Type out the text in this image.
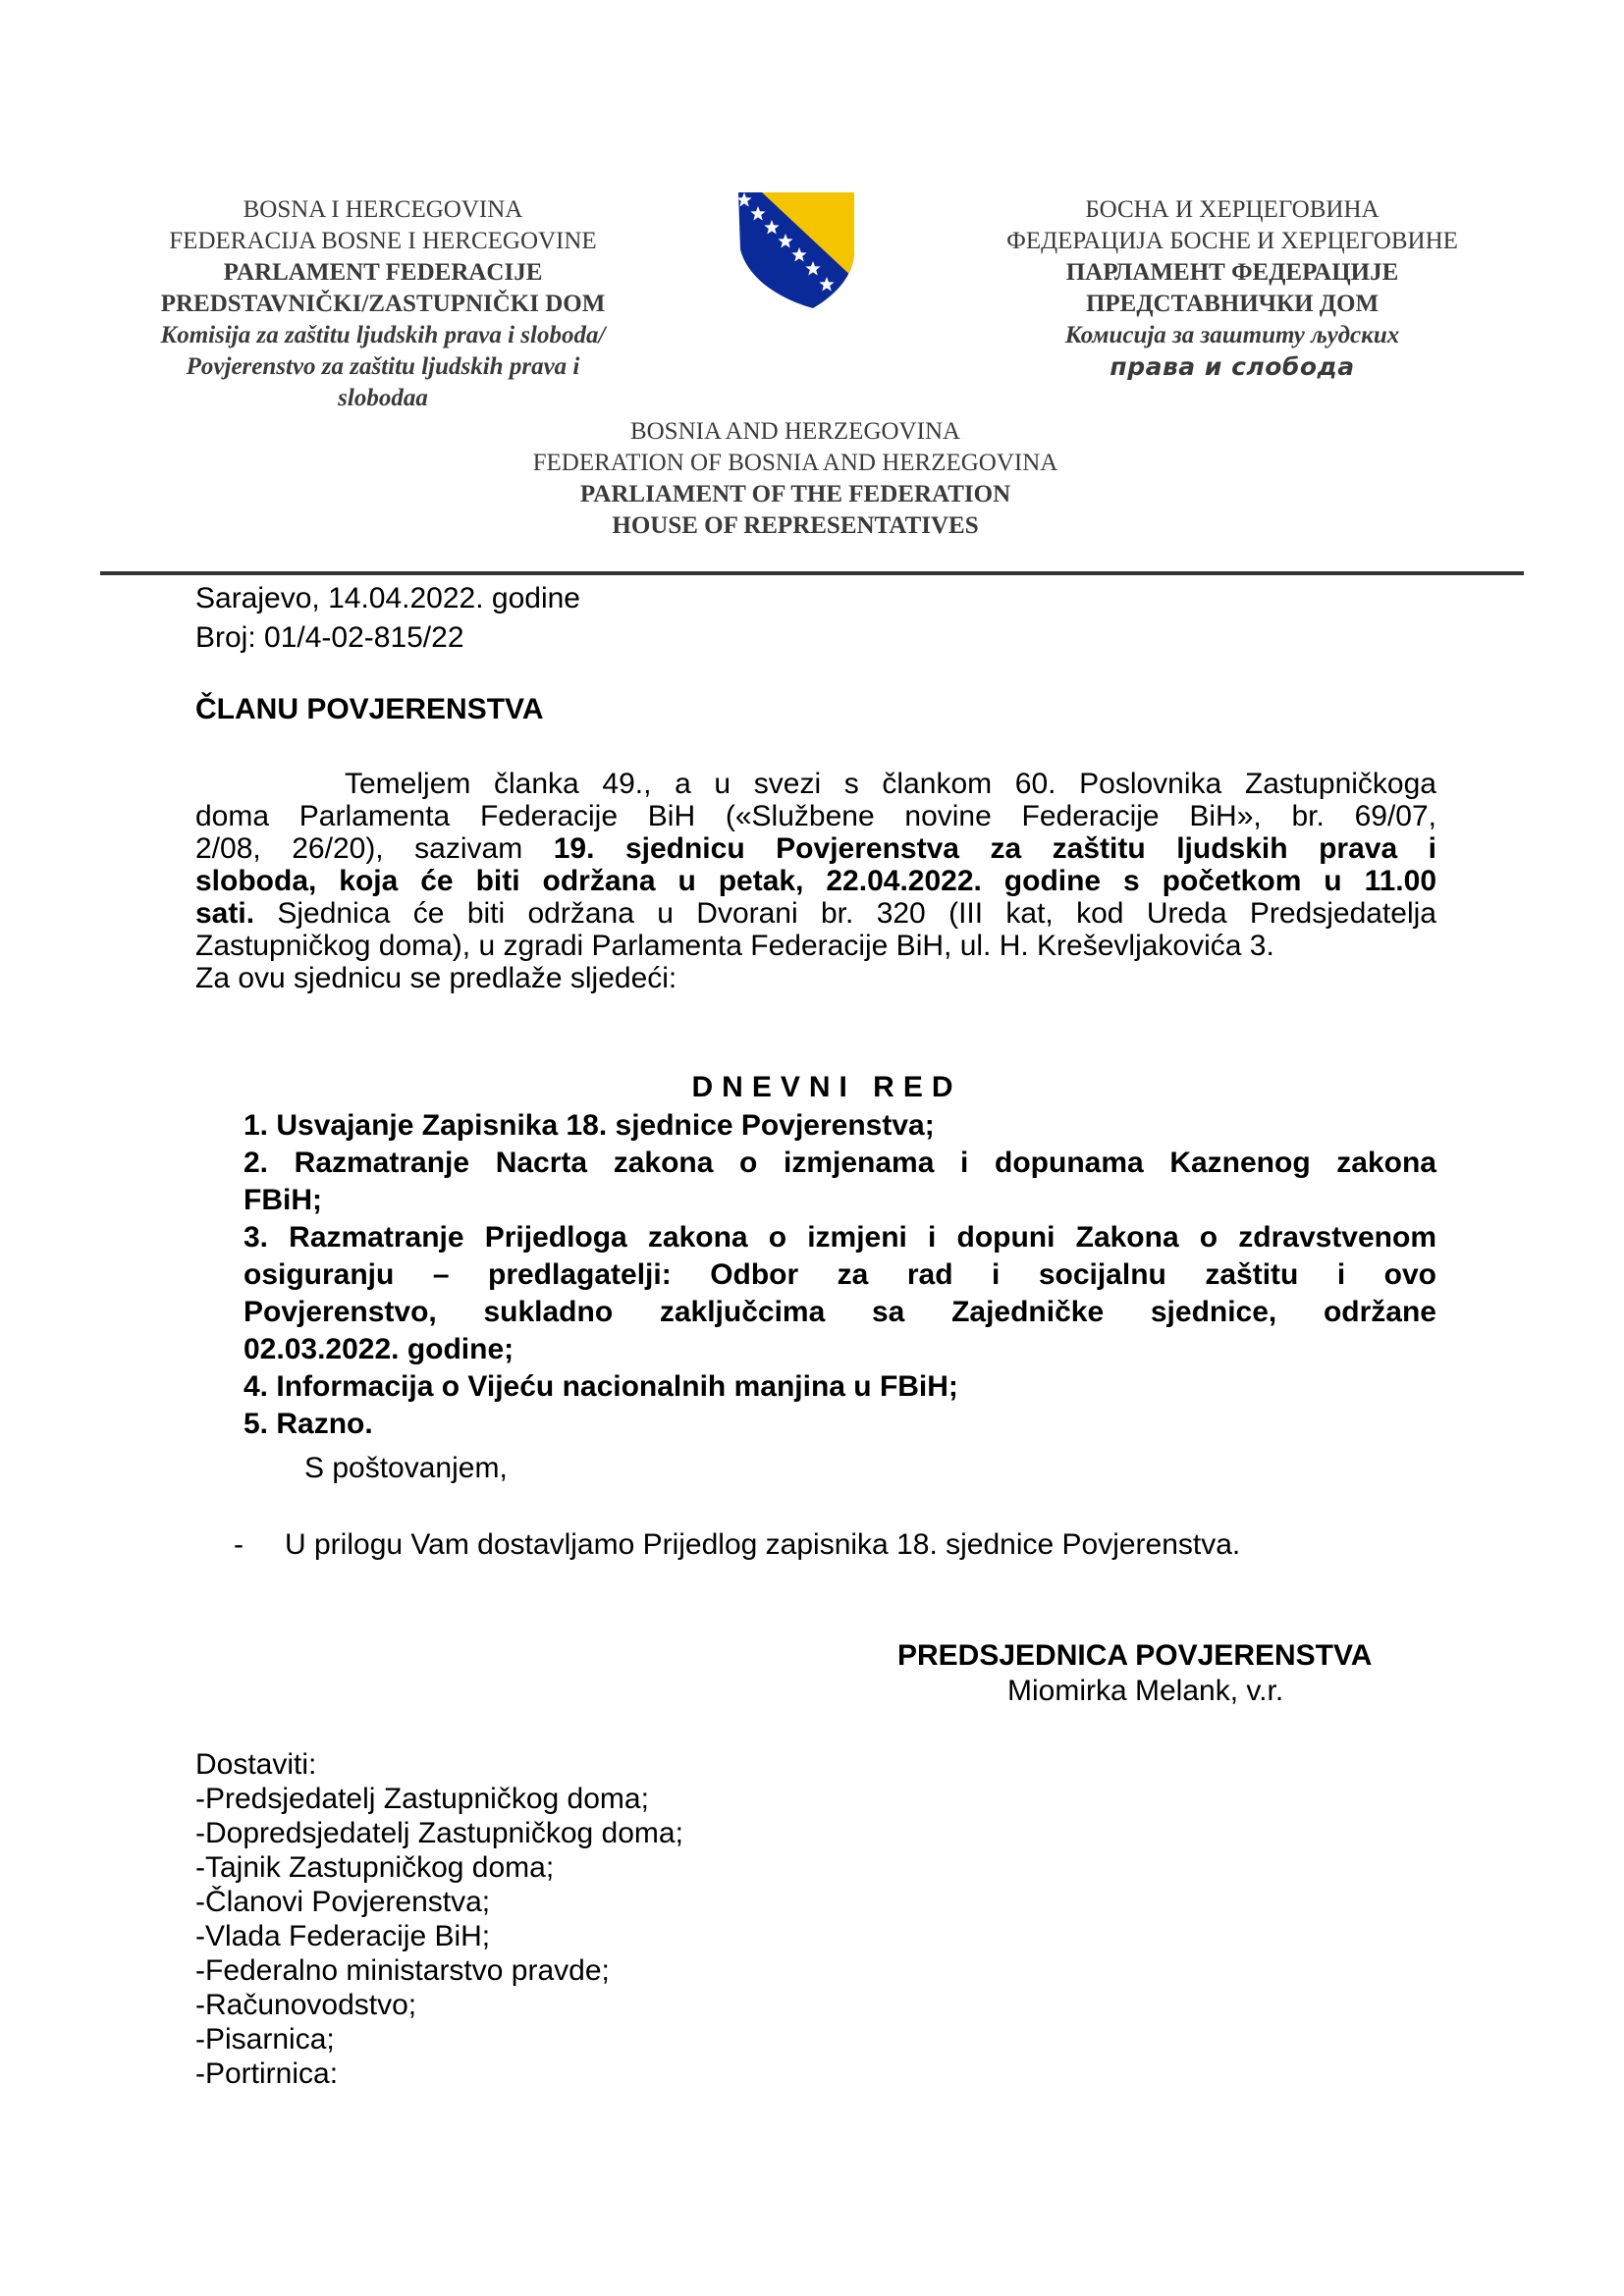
BOSNA I HERCEGOVINA
FEDERACIJA BOSNE I HERCEGOVINE
PARLAMENT FEDERACIJE
PREDSTAVNIČKI/ZASTUPNIČKI DOM
Komisija za zaštitu ljudskih prava i slobodа/
Povjerenstvo za zaštitu ljudskih prava i
slobodaa
БОСНА И ХЕРЦЕГОВИНА
ФЕДЕРАЦИЈА БОСНЕ И ХЕРЦЕГОВИНЕ
ПАРЛАМЕНТ ФЕДЕРАЦИЈЕ
ПРЕДСТАВНИЧКИ ДОМ
Комисија за заштиту људских
права и слобода
BOSNIA AND HERZEGOVINA
FEDERATION OF BOSNIA AND HERZEGOVINA
PARLIAMENT OF THE FEDERATION
HOUSE OF REPRESENTATIVES
Sarajevo, 14.04.2022. godine
Broj: 01/4-02-815/22
ČLANU POVJERENSTVA
Temeljem članka 49., a u svezi s člankom 60. Poslovnika Zastupničkoga
doma Parlamenta Federacije BiH («Službene novine Federacije BiH», br. 69/07,
2/08, 26/20), sazivam 19. sjednicu Povjerenstva za zaštitu ljudskih prava i
sloboda, koja će biti održana u petak, 22.04.2022. godine s početkom u 11.00
sati. Sjednica će biti održana u Dvorani br. 320 (III kat, kod Ureda Predsjedatelja
Zastupničkog doma), u zgradi Parlamenta Federacije BiH, ul. H. Kreševljakovića 3.
Za ovu sjednicu se predlaže sljedeći:
DNEVNI RED
1. Usvajanje Zapisnika 18. sjednice Povjerenstva;
2. Razmatranje Nacrta zakona o izmjenama i dopunama Kaznenog zakona
FBiH;
3. Razmatranje Prijedloga zakona o izmjeni i dopuni Zakona o zdravstvenom
osiguranju – predlagatelji: Odbor za rad i socijalnu zaštitu i ovo
Povjerenstvo, sukladno zaključcima sa Zajedničke sjednice, održane
02.03.2022. godine;
4. Informacija o Vijeću nacionalnih manjina u FBiH;
5. Razno.
S poštovanjem,
- U prilogu Vam dostavljamo Prijedlog zapisnika 18. sjednice Povjerenstva.
PREDSJEDNICA POVJERENSTVA
Miomirka Melank, v.r.
Dostaviti:
-Predsjedatelj Zastupničkog doma;
-Dopredsjedatelj Zastupničkog doma;
-Tajnik Zastupničkog doma;
-Članovi Povjerenstva;
-Vlada Federacije BiH;
-Federalno ministarstvo pravde;
-Računovodstvo;
-Pisarnica;
-Portirnica:
